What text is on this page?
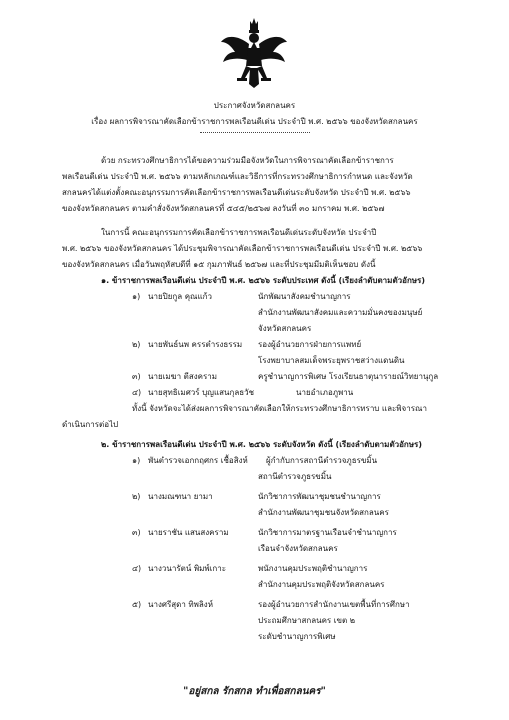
ประกาศจังหวัดสกลนคร
เรื่อง ผลการพิจารณาคัดเลือกข้าราชการพลเรือนดีเด่น ประจำปี พ.ศ. ๒๕๖๖ ของจังหวัดสกลนคร
ด้วย กระทรวงศึกษาธิการได้ขอความร่วมมือจังหวัดในการพิจารณาคัดเลือกข้าราชการ
พลเรือนดีเด่น ประจำปี พ.ศ. ๒๕๖๖ ตามหลักเกณฑ์และวิธีการที่กระทรวงศึกษาธิการกำหนด และจังหวัด
สกลนครได้แต่งตั้งคณะอนุกรรมการคัดเลือกข้าราชการพลเรือนดีเด่นระดับจังหวัด ประจำปี พ.ศ. ๒๕๖๖
ของจังหวัดสกลนคร ตามคำสั่งจังหวัดสกลนครที่ ๕๔๕/๒๕๖๗ ลงวันที่ ๓๐ มกราคม พ.ศ. ๒๕๖๗
ในการนี้ คณะอนุกรรมการคัดเลือกข้าราชการพลเรือนดีเด่นระดับจังหวัด ประจำปี
พ.ศ. ๒๕๖๖ ของจังหวัดสกลนคร ได้ประชุมพิจารณาคัดเลือกข้าราชการพลเรือนดีเด่น ประจำปี พ.ศ. ๒๕๖๖
ของจังหวัดสกลนคร เมื่อวันพฤหัสบดีที่ ๑๕ กุมภาพันธ์ ๒๕๖๗ และที่ประชุมมีมติเห็นชอบ ดังนี้
๑. ข้าราชการพลเรือนดีเด่น ประจำปี พ.ศ. ๒๕๖๖ ระดับประเทศ ดังนี้ (เรียงลำดับตามตัวอักษร)
๑) นายปิยกูล คุณแก้ว	นักพัฒนาสังคมชำนาญการ
สำนักงานพัฒนาสังคมและความมั่นคงของมนุษย์
จังหวัดสกลนคร
๒) นายพันธ์นพ ครรตำรงธรรม รองผู้อำนวยการฝ่ายการแพทย์
โรงพยาบาลสมเด็จพระยุพราชสว่างแดนดิน
๓) นายเมฆา ตีสงคราม	ครูชำนาญการพิเศษ โรงเรียนธาตุนารายณ์วิทยานุกูล
๔) นายสุทธิเมศวร์ บุญแสนกุลธวัช	นายอำเภอภูพาน
ทั้งนี้ จังหวัดจะได้ส่งผลการพิจารณาคัดเลือกให้กระทรวงศึกษาธิการทราบ และพิจารณา
ดำเนินการต่อไป
๒. ข้าราชการพลเรือนดีเด่น ประจำปี พ.ศ. ๒๕๖๖ ระดับจังหวัด ดังนี้ (เรียงลำดับตามตัวอักษร)
๑) พันตำรวจเอกกฤศกร เชื้อสิงห์ ผู้กำกับการสถานีตำรวจภูธรขมิ้น
สถานีตำรวจภูธรขมิ้น
๒) นางมณฑนา ยามา	นักวิชาการพัฒนาชุมชนชำนาญการ
สำนักงานพัฒนาชุมชนจังหวัดสกลนคร
๓) นายราชัน แสนสงคราม	นักวิชาการมาตรฐานเรือนจำชำนาญการ
เรือนจำจังหวัดสกลนคร
๔) นางวนารัตน์ พิมพ์เกาะ	พนักงานคุมประพฤติชำนาญการ
สำนักงานคุมประพฤติจังหวัดสกลนคร
๕) นางศรีสุดา ทิพลิงห์	รองผู้อำนวยการสำนักงานเขตพื้นที่การศึกษา
ประถมศึกษาสกลนคร เขต ๒
ระดับชำนาญการพิเศษ
"อยู่สกล รักสกล ทำเพื่อสกลนคร"
